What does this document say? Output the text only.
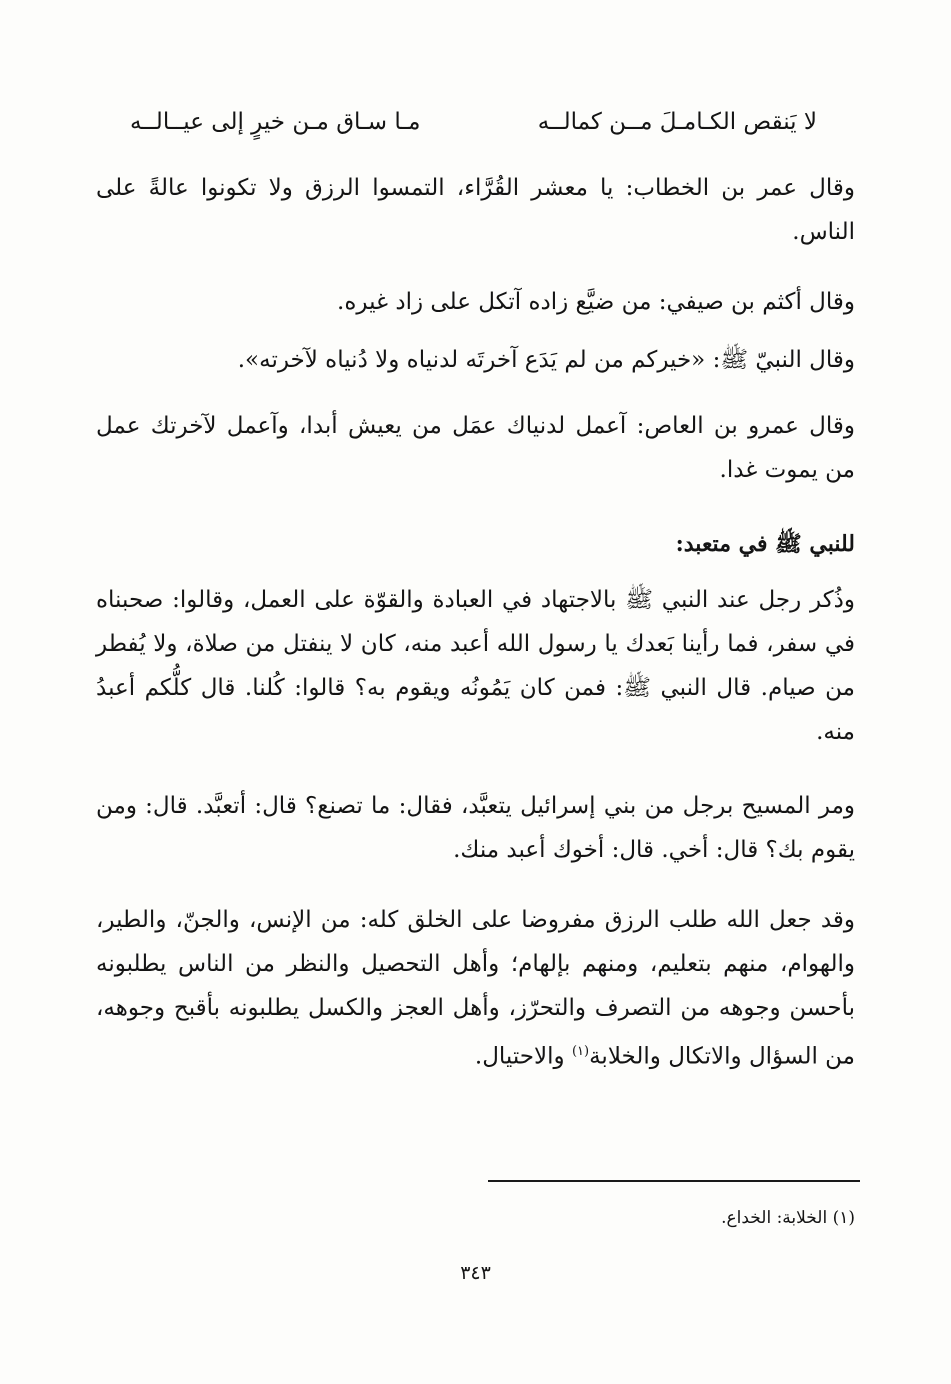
لا يَنقص الكـامـلَ مــن كمالــه
مـا سـاق مـن خيرٍ إلى عيــالــه

وقال عمر بن الخطاب: يا معشر القُرَّاء، التمسوا الرزق ولا تكونوا عالةً على الناس.

وقال أكثم بن صيفي: من ضيَّع زاده آتكل على زاد غيره.

وقال النبيّ ﷺ: «خيركم من لم يَدَع آخرتَه لدنياه ولا دُنياه لآخرته».

وقال عمرو بن العاص: آعمل لدنياك عمَل من يعيش أبدا، وآعمل لآخرتك عمل من يموت غدا.

للنبي ﷺ في متعبد:

وذُكر رجل عند النبي ﷺ بالاجتهاد في العبادة والقوّة على العمل، وقالوا: صحبناه في سفر، فما رأينا بَعدك يا رسول الله أعبد منه، كان لا ينفتل من صلاة، ولا يُفطر من صيام. قال النبي ﷺ: فمن كان يَمُونُه ويقوم به؟ قالوا: كُلنا. قال كلُّكم أعبدُ منه.

ومر المسيح برجل من بني إسرائيل يتعبَّد، فقال: ما تصنع؟ قال: أتعبَّد. قال: ومن يقوم بك؟ قال: أخي. قال: أخوك أعبد منك.

وقد جعل الله طلب الرزق مفروضا على الخلق كله: من الإنس، والجنّ، والطير، والهوام، منهم بتعليم، ومنهم بإلهام؛ وأهل التحصيل والنظر من الناس يطلبونه بأحسن وجوهه من التصرف والتحرّز، وأهل العجز والكسل يطلبونه بأقبح وجوهه، من السؤال والاتكال والخلابة$^{(١)}$ والاحتيال.

(١) الخلابة: الخداع.
٣٤٣
